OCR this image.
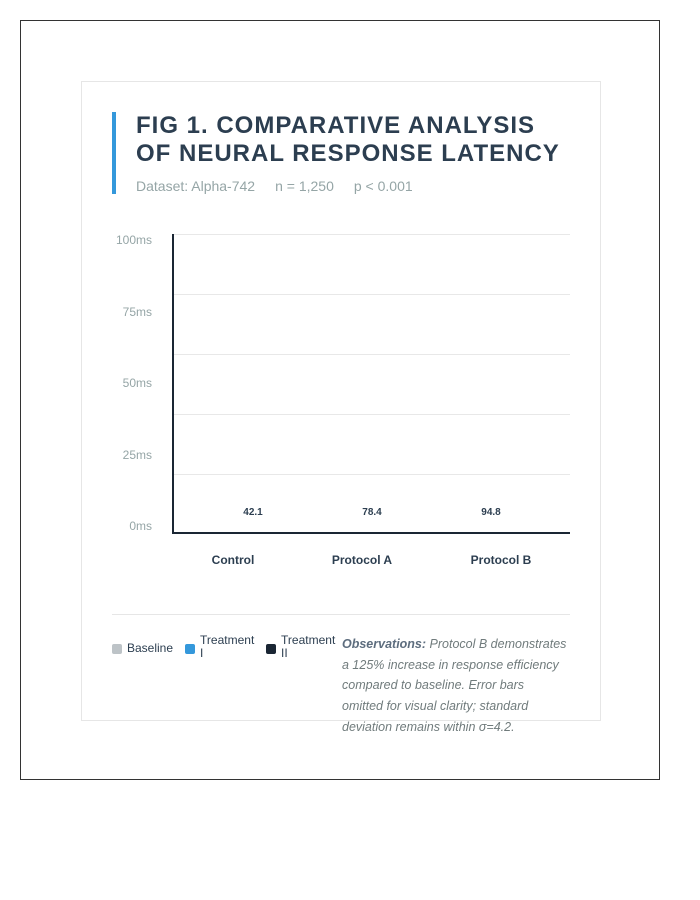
FIG 1. COMPARATIVE ANALYSIS OF NEURAL RESPONSE LATENCY
Dataset: Alpha-742 n = 1,250 p < 0.001
100ms
75ms
50ms
25ms
0ms
42.1	78.4	94.8
Control	Protocol A	Protocol B
Baseline
Treatment I
Treatment II
Observations: Protocol B demonstrates a 125% increase in response efficiency compared to baseline. Error bars omitted for visual clarity; standard deviation remains within σ=4.2.
